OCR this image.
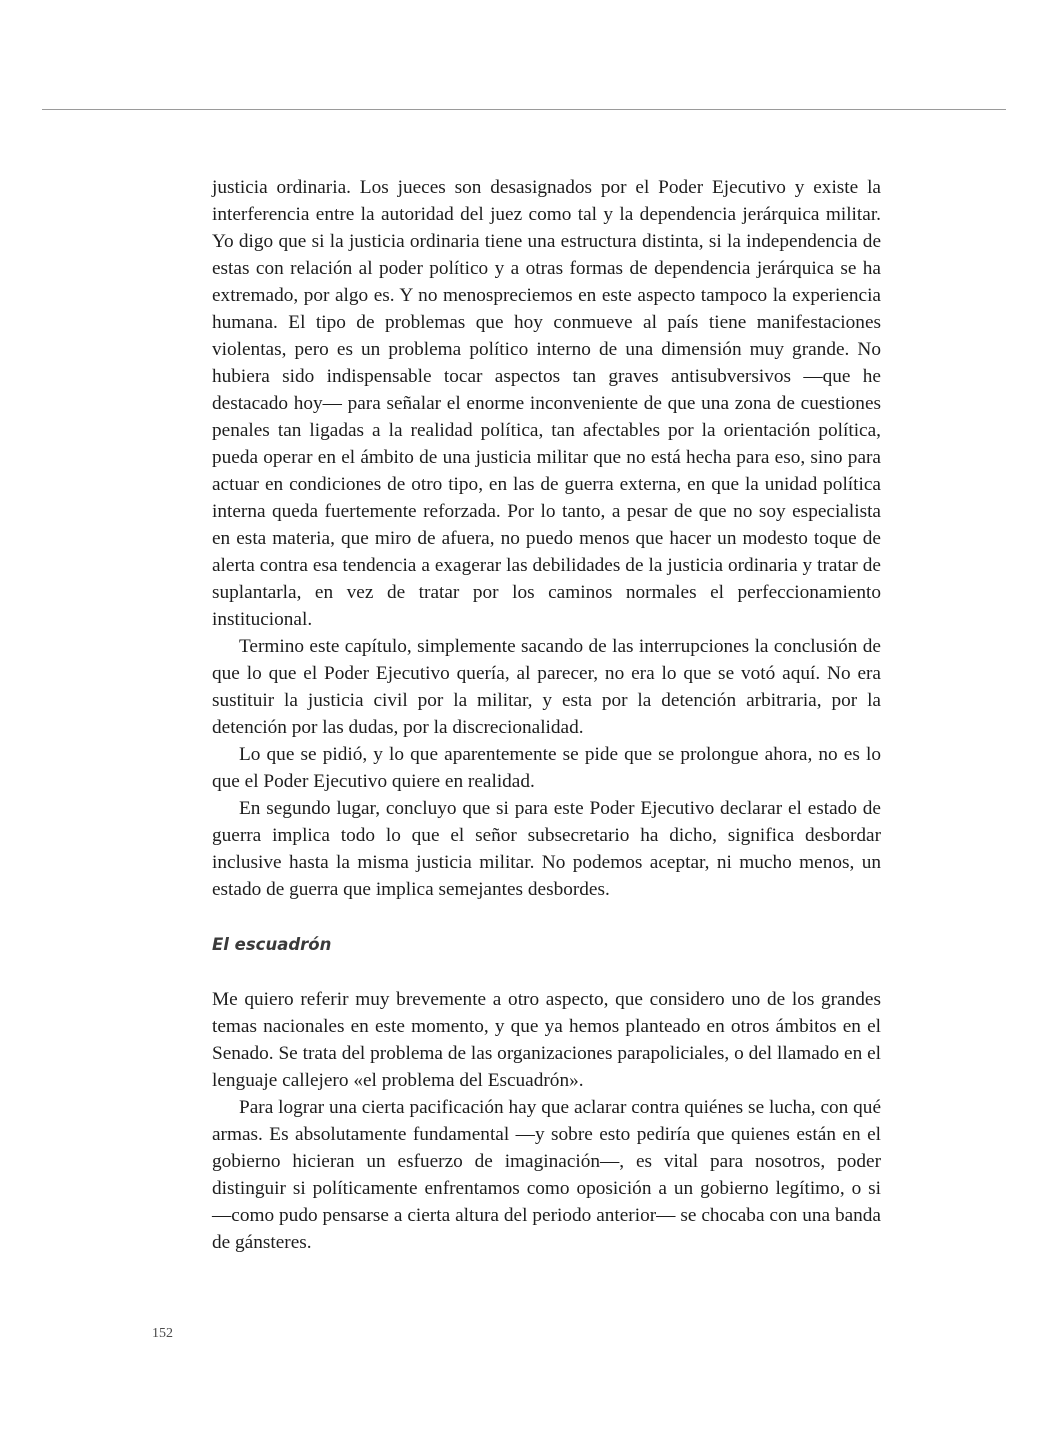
justicia ordinaria. Los jueces son desasignados por el Poder Ejecutivo y existe la interferencia entre la autoridad del juez como tal y la dependencia jerárquica militar. Yo digo que si la justicia ordinaria tiene una estructura distinta, si la independencia de estas con relación al poder político y a otras formas de dependencia jerárquica se ha extremado, por algo es. Y no menospreciemos en este aspecto tampoco la experiencia humana. El tipo de problemas que hoy conmueve al país tiene manifestaciones violentas, pero es un problema político interno de una dimensión muy grande. No hubiera sido indispensable tocar aspectos tan graves antisubversivos —que he destacado hoy— para señalar el enorme inconveniente de que una zona de cuestiones penales tan ligadas a la realidad política, tan afectables por la orientación política, pueda operar en el ámbito de una justicia militar que no está hecha para eso, sino para actuar en condiciones de otro tipo, en las de guerra externa, en que la unidad política interna queda fuertemente reforzada. Por lo tanto, a pesar de que no soy especialista en esta materia, que miro de afuera, no puedo menos que hacer un modesto toque de alerta contra esa tendencia a exagerar las debilidades de la justicia ordinaria y tratar de suplantarla, en vez de tratar por los caminos normales el perfeccionamiento institucional.

Termino este capítulo, simplemente sacando de las interrupciones la conclusión de que lo que el Poder Ejecutivo quería, al parecer, no era lo que se votó aquí. No era sustituir la justicia civil por la militar, y esta por la detención arbitraria, por la detención por las dudas, por la discrecionalidad.

Lo que se pidió, y lo que aparentemente se pide que se prolongue ahora, no es lo que el Poder Ejecutivo quiere en realidad.

En segundo lugar, concluyo que si para este Poder Ejecutivo declarar el estado de guerra implica todo lo que el señor subsecretario ha dicho, significa desbordar inclusive hasta la misma justicia militar. No podemos aceptar, ni mucho menos, un estado de guerra que implica semejantes desbordes.

El escuadrón

Me quiero referir muy brevemente a otro aspecto, que considero uno de los grandes temas nacionales en este momento, y que ya hemos planteado en otros ámbitos en el Senado. Se trata del problema de las organizaciones parapoliciales, o del llamado en el lenguaje callejero «el problema del Escuadrón».

Para lograr una cierta pacificación hay que aclarar contra quiénes se lucha, con qué armas. Es absolutamente fundamental —y sobre esto pediría que quienes están en el gobierno hicieran un esfuerzo de imaginación—, es vital para nosotros, poder distinguir si políticamente enfrentamos como oposición a un gobierno legítimo, o si —como pudo pensarse a cierta altura del periodo anterior— se chocaba con una banda de gánsteres.

152
